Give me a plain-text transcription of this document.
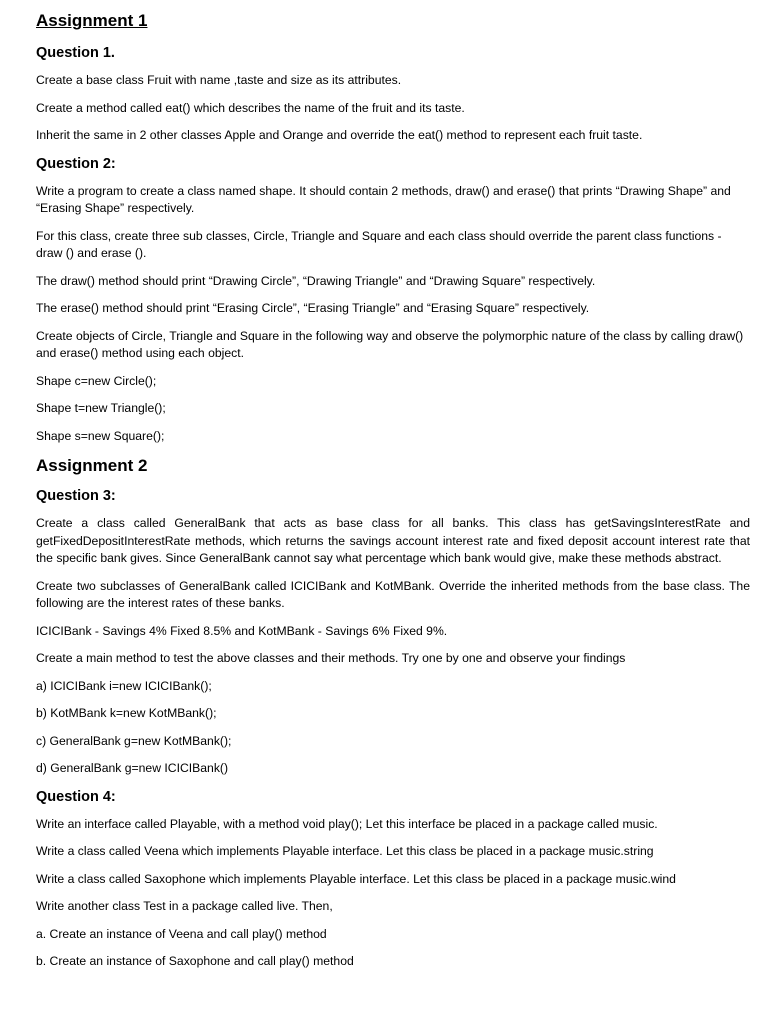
Assignment 1
Question 1.

Create a base class Fruit with name ,taste and size as its attributes.

Create a method called eat() which describes the name of the fruit and its taste.

Inherit the same in 2 other classes Apple and Orange and override the eat() method to represent each fruit taste.

Question 2:

Write a program to create a class named shape. It should contain 2 methods, draw() and erase() that prints “Drawing Shape” and “Erasing Shape” respectively.

For this class, create three sub classes, Circle, Triangle and Square and each class should override the parent class functions - draw () and erase ().

The draw() method should print “Drawing Circle”, “Drawing Triangle” and “Drawing Square” respectively.

The erase() method should print “Erasing Circle”, “Erasing Triangle” and “Erasing Square” respectively.

Create objects of Circle, Triangle and Square in the following way and observe the polymorphic nature of the class by calling draw() and erase() method using each object.

Shape c=new Circle();

Shape t=new Triangle();

Shape s=new Square();

Assignment 2
Question 3:

Create a class called GeneralBank that acts as base class for all banks. This class has getSavingsInterestRate and getFixedDepositInterestRate methods, which returns the savings account interest rate and fixed deposit account interest rate that the specific bank gives. Since GeneralBank cannot say what percentage which bank would give, make these methods abstract.

Create two subclasses of GeneralBank called ICICIBank and KotMBank. Override the inherited methods from the base class. The following are the interest rates of these banks.

ICICIBank - Savings 4% Fixed 8.5% and KotMBank - Savings 6% Fixed 9%.

Create a main method to test the above classes and their methods. Try one by one and observe your findings

a) ICICIBank i=new ICICIBank();

b) KotMBank k=new KotMBank();

c) GeneralBank g=new KotMBank();

d) GeneralBank g=new ICICIBank()

Question 4:

Write an interface called Playable, with a method void play(); Let this interface be placed in a package called music.

Write a class called Veena which implements Playable interface. Let this class be placed in a package music.string

Write a class called Saxophone which implements Playable interface. Let this class be placed in a package music.wind

Write another class Test in a package called live. Then,

a. Create an instance of Veena and call play() method

b. Create an instance of Saxophone and call play() method
